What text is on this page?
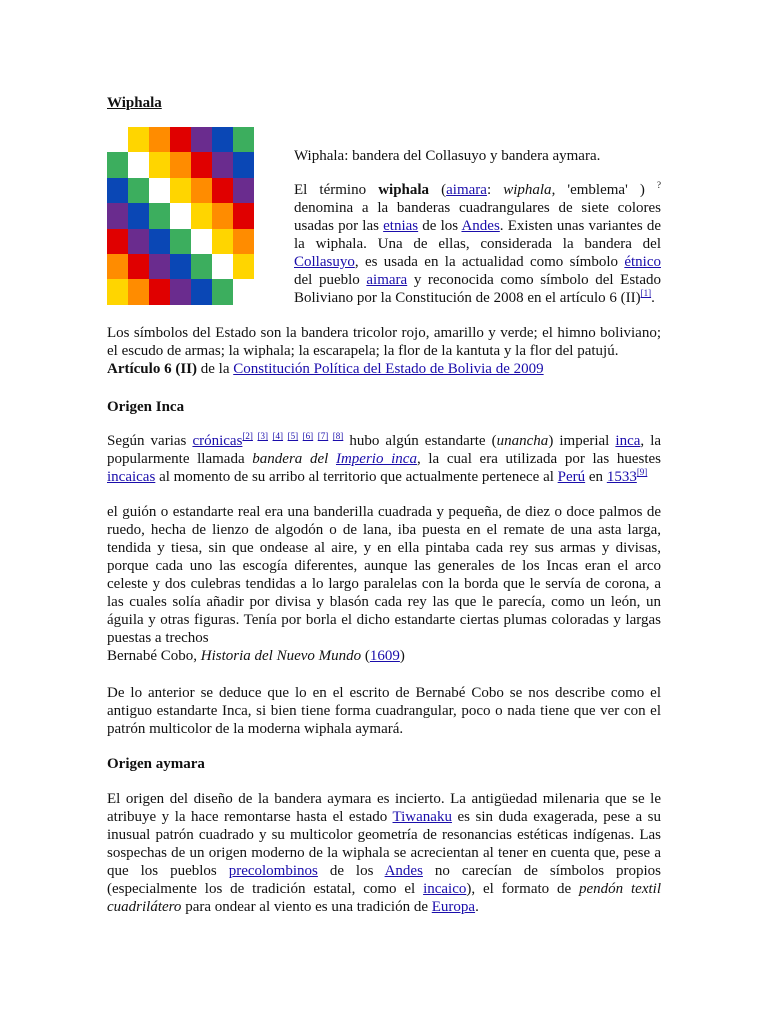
Wiphala

Wiphala: bandera del Collasuyo y bandera aymara.

El término wiphala (aimara: wiphala, 'emblema' ) ? denomina a la banderas cuadrangulares de siete colores usadas por las etnias de los Andes. Existen unas variantes de la wiphala. Una de ellas, considerada la bandera del Collasuyo, es usada en la actualidad como símbolo étnico del pueblo aimara y reconocida como símbolo del Estado Boliviano por la Constitución de 2008 en el artículo 6 (II)[1].

Los símbolos del Estado son la bandera tricolor rojo, amarillo y verde; el himno boliviano; el escudo de armas; la wiphala; la escarapela; la flor de la kantuta y la flor del patujú.
Artículo 6 (II) de la Constitución Política del Estado de Bolivia de 2009

Origen Inca

Según varias crónicas[2] [3] [4] [5] [6] [7] [8] hubo algún estandarte (unancha) imperial inca, la popularmente llamada bandera del Imperio inca, la cual era utilizada por las huestes incaicas al momento de su arribo al territorio que actualmente pertenece al Perú en 1533[9]

el guión o estandarte real era una banderilla cuadrada y pequeña, de diez o doce palmos de ruedo, hecha de lienzo de algodón o de lana, iba puesta en el remate de una asta larga, tendida y tiesa, sin que ondease al aire, y en ella pintaba cada rey sus armas y divisas, porque cada uno las escogía diferentes, aunque las generales de los Incas eran el arco celeste y dos culebras tendidas a lo largo paralelas con la borda que le servía de corona, a las cuales solía añadir por divisa y blasón cada rey las que le parecía, como un león, un águila y otras figuras. Tenía por borla el dicho estandarte ciertas plumas coloradas y largas puestas a trechos
Bernabé Cobo, Historia del Nuevo Mundo (1609)

De lo anterior se deduce que lo en el escrito de Bernabé Cobo se nos describe como el antiguo estandarte Inca, si bien tiene forma cuadrangular, poco o nada tiene que ver con el patrón multicolor de la moderna wiphala aymará.

Origen aymara

El origen del diseño de la bandera aymara es incierto. La antigüedad milenaria que se le atribuye y la hace remontarse hasta el estado Tiwanaku es sin duda exagerada, pese a su inusual patrón cuadrado y su multicolor geometría de resonancias estéticas indígenas. Las sospechas de un origen moderno de la wiphala se acrecientan al tener en cuenta que, pese a que los pueblos precolombinos de los Andes no carecían de símbolos propios (especialmente los de tradición estatal, como el incaico), el formato de pendón textil cuadrilátero para ondear al viento es una tradición de Europa.
